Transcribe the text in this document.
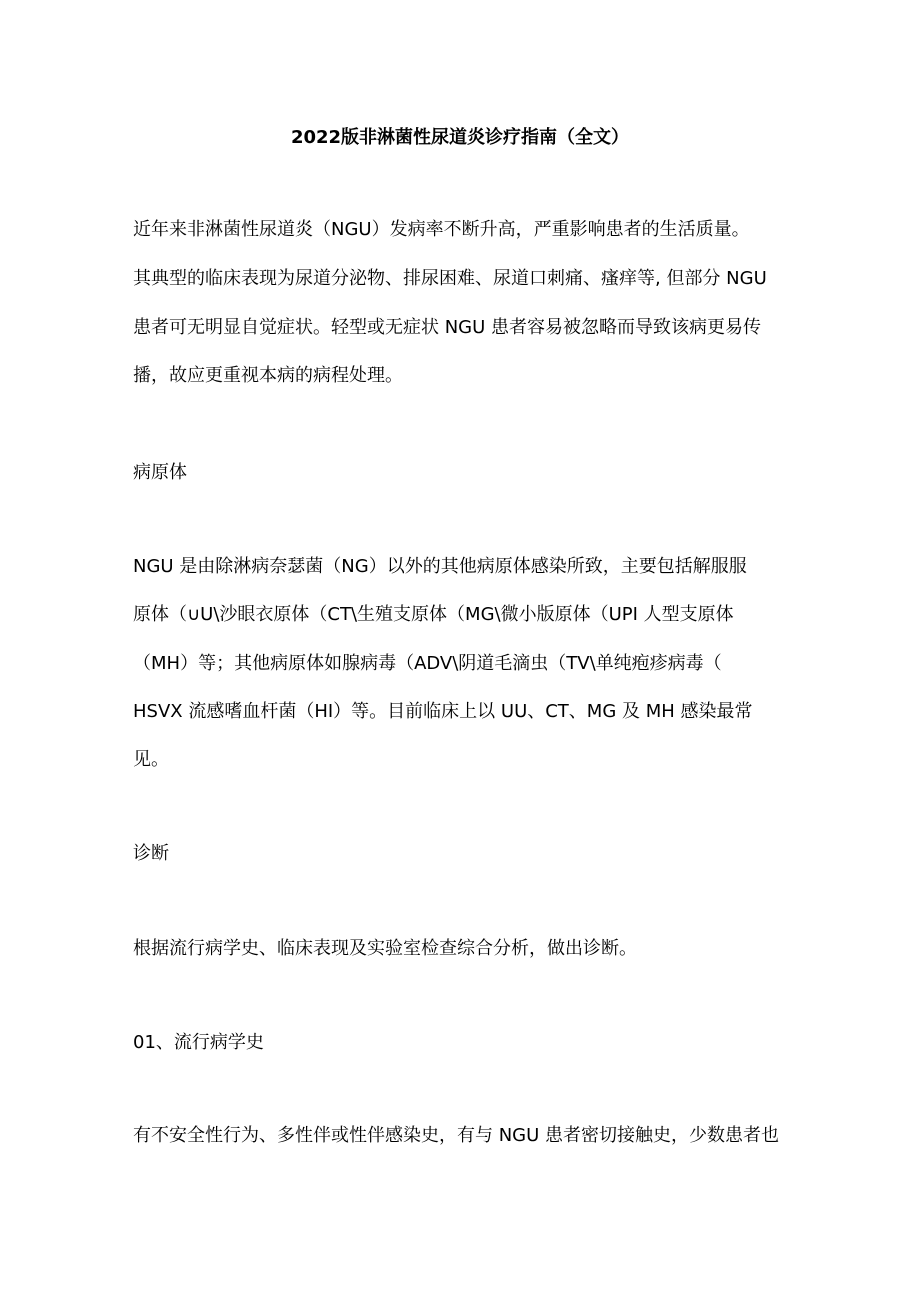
2022版非淋菌性尿道炎诊疗指南（全文）
近年来非淋菌性尿道炎（NGU）发病率不断升高，严重影响患者的生活质量。
其典型的临床表现为尿道分泌物、排尿困难、尿道口刺痛、瘙痒等, 但部分 NGU
患者可无明显自觉症状。轻型或无症状 NGU 患者容易被忽略而导致该病更易传
播，故应更重视本病的病程处理。
病原体
NGU 是由除淋病奈瑟菌（NG）以外的其他病原体感染所致，主要包括解服服
原体（∪U\沙眼衣原体（CT\生殖支原体（MG\微小版原体（UPI 人型支原体
（MH）等；其他病原体如腺病毒（ADV\阴道毛滴虫（TV\单纯疱疹病毒（
HSVX 流感嗜血杆菌（HI）等。目前临床上以 UU、CT、MG 及 MH 感染最常
见。
诊断
根据流行病学史、临床表现及实验室检查综合分析，做出诊断。
01、流行病学史
有不安全性行为、多性伴或性伴感染史，有与 NGU 患者密切接触史，少数患者也
